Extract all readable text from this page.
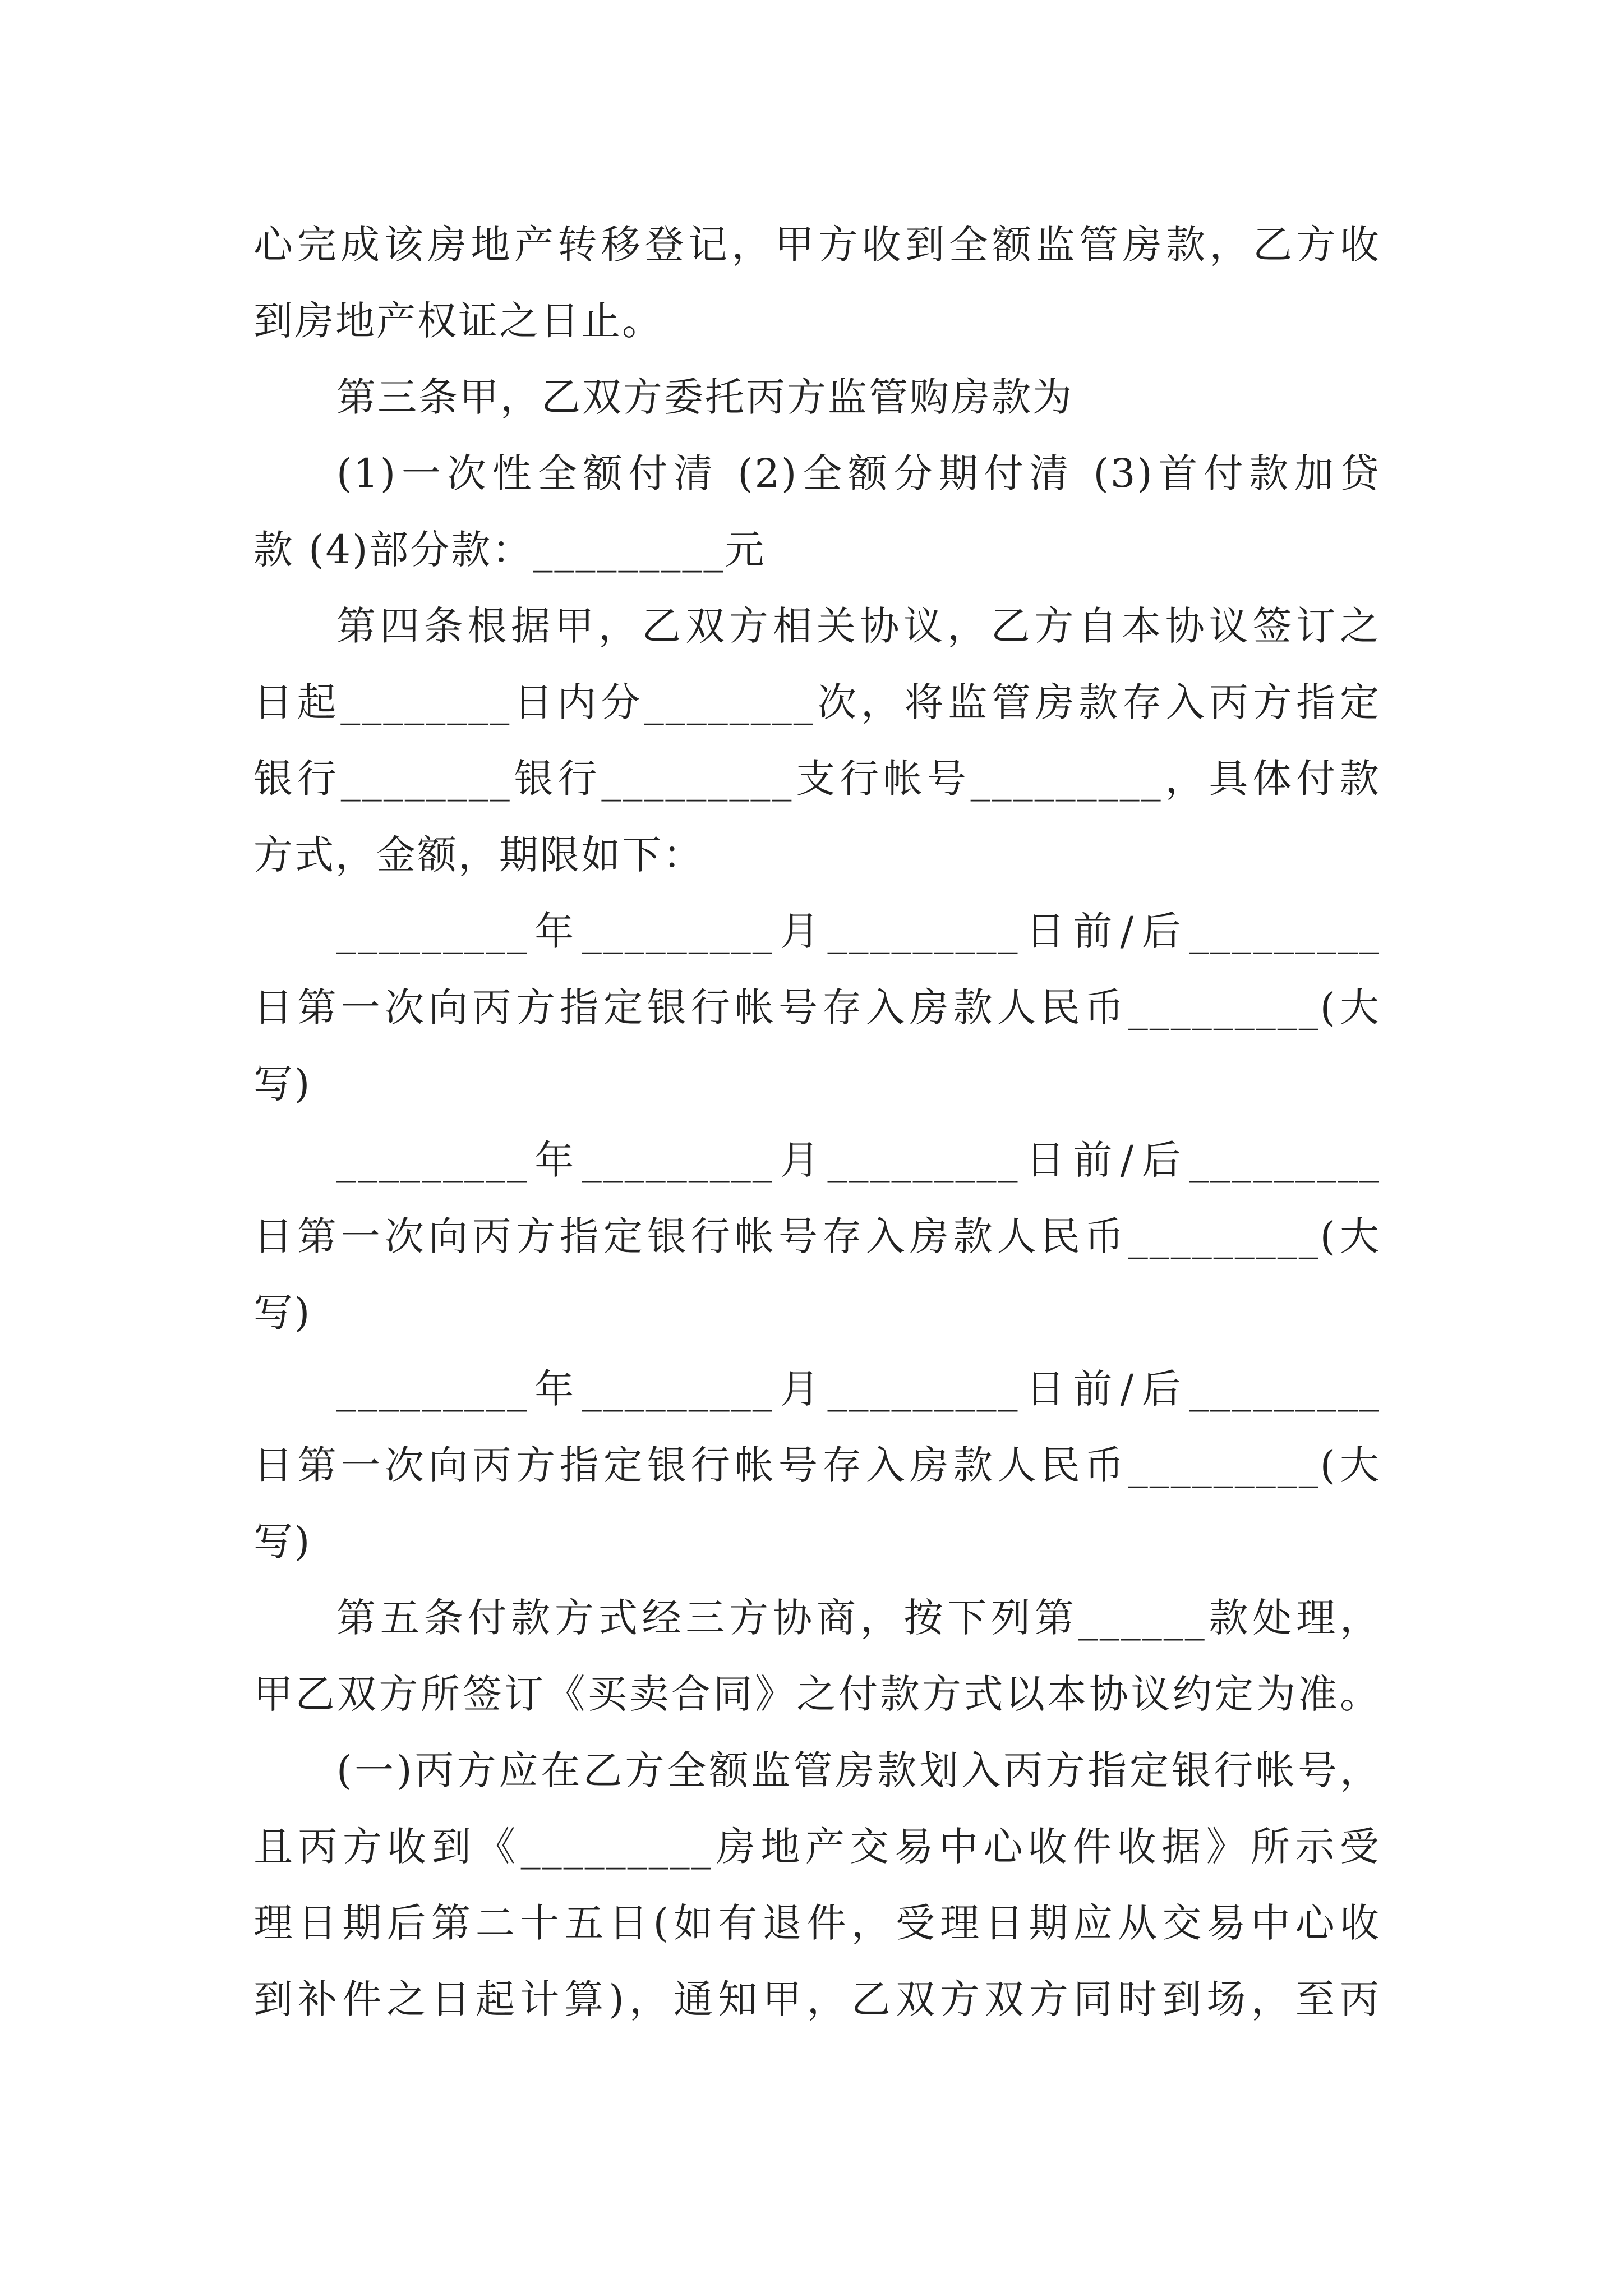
心完成该房地产转移登记，甲方收到全额监管房款，乙方收
到房地产权证之日止。
第三条甲，乙双方委托丙方监管购房款为
(1)一次性全额付清 (2)全额分期付清 (3)首付款加贷
款 (4)部分款：_________元
第四条根据甲，乙双方相关协议，乙方自本协议签订之
日起________日内分________次，将监管房款存入丙方指定
银行________银行_________支行帐号_________，具体付款
方式，金额，期限如下：
_________年_________月_________日前/后_________
日第一次向丙方指定银行帐号存入房款人民币_________(大
写)
_________年_________月_________日前/后_________
日第一次向丙方指定银行帐号存入房款人民币_________(大
写)
_________年_________月_________日前/后_________
日第一次向丙方指定银行帐号存入房款人民币_________(大
写)
第五条付款方式经三方协商，按下列第______款处理，
甲乙双方所签订《买卖合同》之付款方式以本协议约定为准。
(一)丙方应在乙方全额监管房款划入丙方指定银行帐号，
且丙方收到《_________房地产交易中心收件收据》所示受
理日期后第二十五日(如有退件，受理日期应从交易中心收
到补件之日起计算)，通知甲，乙双方双方同时到场，至丙
